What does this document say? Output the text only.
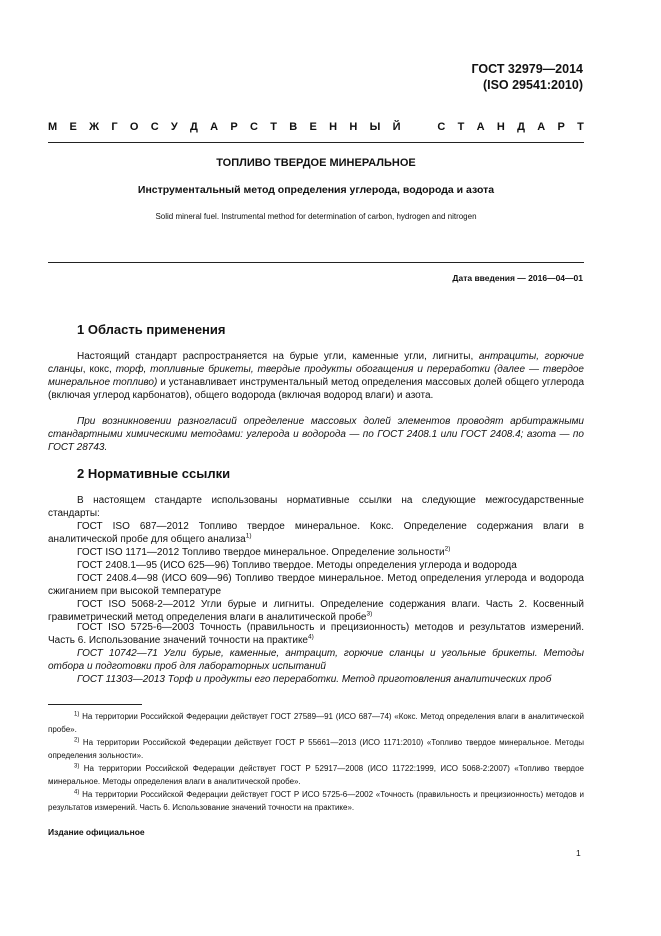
ГОСТ 32979—2014
(ISO 29541:2010)
М Е Ж Г О С У Д А Р С Т В Е Н Н Ы Й	С Т А Н Д А Р Т
ТОПЛИВО ТВЕРДОЕ МИНЕРАЛЬНОЕ
Инструментальный метод определения углерода, водорода и азота
Solid mineral fuel. Instrumental method for determination of carbon, hydrogen and nitrogen
Дата введения — 2016—04—01
1 Область применения
Настоящий стандарт распространяется на бурые угли, каменные угли, лигниты, антрациты, горючие сланцы, кокс, торф, топливные брикеты, твердые продукты обогащения и переработки (далее — твердое минеральное топливо) и устанавливает инструментальный метод определения массовых долей общего углерода (включая углерод карбонатов), общего водорода (включая водород влаги) и азота.
При возникновении разногласий определение массовых долей элементов проводят арбитражными стандартными химическими методами: углерода и водорода — по ГОСТ 2408.1 или ГОСТ 2408.4; азота — по ГОСТ 28743.
2 Нормативные ссылки
В настоящем стандарте использованы нормативные ссылки на следующие межгосударственные стандарты:
ГОСТ ISO 687—2012 Топливо твердое минеральное. Кокс. Определение содержания влаги в аналитической пробе для общего анализа$^{1)}$
ГОСТ ISO 1171—2012 Топливо твердое минеральное. Определение зольности$^{2)}$
ГОСТ 2408.1—95 (ИСО 625—96) Топливо твердое. Методы определения углерода и водорода
ГОСТ 2408.4—98 (ИСО 609—96) Топливо твердое минеральное. Метод определения углерода и водорода сжиганием при высокой температуре
ГОСТ ISO 5068-2—2012 Угли бурые и лигниты. Определение содержания влаги. Часть 2. Косвенный гравиметрический метод определения влаги в аналитической пробе$^{3)}$
ГОСТ ISO 5725-6—2003 Точность (правильность и прецизионность) методов и результатов измерений. Часть 6. Использование значений точности на практике$^{4)}$
ГОСТ 10742—71 Угли бурые, каменные, антрацит, горючие сланцы и угольные брикеты. Методы отбора и подготовки проб для лабораторных испытаний
ГОСТ 11303—2013 Торф и продукты его переработки. Метод приготовления аналитических проб
$^{1)}$ На территории Российской Федерации действует ГОСТ 27589—91 (ИСО 687—74) «Кокс. Метод определения влаги в аналитической пробе».
$^{2)}$ На территории Российской Федерации действует ГОСТ Р 55661—2013 (ИСО 1171:2010) «Топливо твердое минеральное. Методы определения зольности».
$^{3)}$ На территории Российской Федерации действует ГОСТ Р 52917—2008 (ИСО 11722:1999, ИСО 5068-2:2007) «Топливо твердое минеральное. Методы определения влаги в аналитической пробе».
$^{4)}$ На территории Российской Федерации действует ГОСТ Р ИСО 5725-6—2002 «Точность (правильность и прецизионность) методов и результатов измерений. Часть 6. Использование значений точности на практике».
Издание официальное
1
